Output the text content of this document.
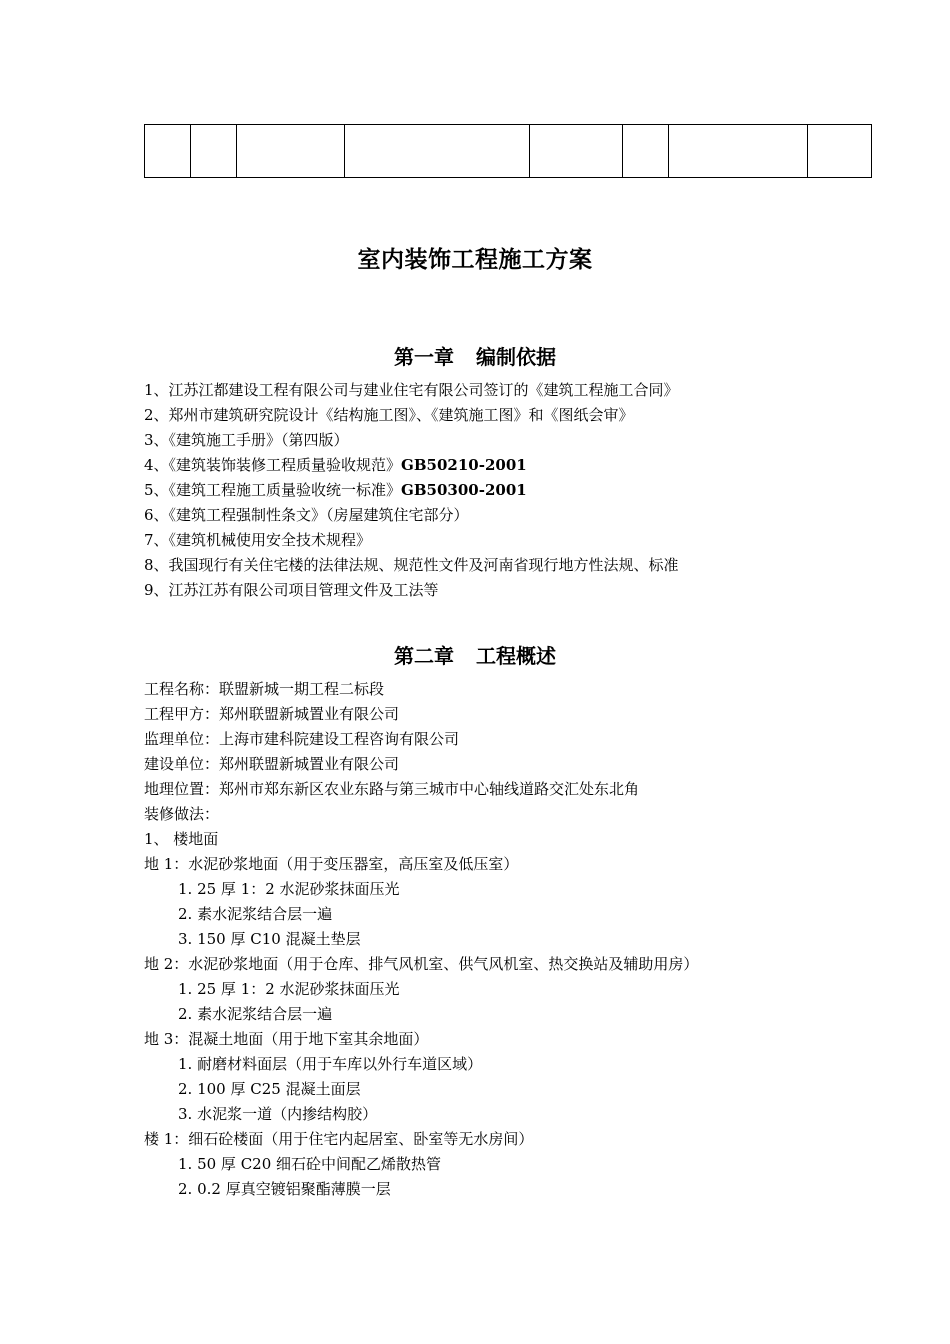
室内装饰工程施工方案
第一章 编制依据
1、江苏江都建设工程有限公司与建业住宅有限公司签订的《建筑工程施工合同》
2、郑州市建筑研究院设计《结构施工图》、《建筑施工图》和《图纸会审》
3、《建筑施工手册》（第四版）
4、《建筑装饰装修工程质量验收规范》GB50210-2001
5、《建筑工程施工质量验收统一标准》GB50300-2001
6、《建筑工程强制性条文》（房屋建筑住宅部分）
7、《建筑机械使用安全技术规程》
8、我国现行有关住宅楼的法律法规、规范性文件及河南省现行地方性法规、标准
9、江苏江苏有限公司项目管理文件及工法等
第二章 工程概述
工程名称：联盟新城一期工程二标段
工程甲方：郑州联盟新城置业有限公司
监理单位：上海市建科院建设工程咨询有限公司
建设单位：郑州联盟新城置业有限公司
地理位置：郑州市郑东新区农业东路与第三城市中心轴线道路交汇处东北角
装修做法：
1、 楼地面
地 1：水泥砂浆地面（用于变压器室，高压室及低压室）
1. 25 厚 1：2 水泥砂浆抹面压光
2. 素水泥浆结合层一遍
3. 150 厚 C10 混凝土垫层
地 2：水泥砂浆地面（用于仓库、排气风机室、供气风机室、热交换站及辅助用房）
1. 25 厚 1：2 水泥砂浆抹面压光
2. 素水泥浆结合层一遍
地 3：混凝土地面（用于地下室其余地面）
1. 耐磨材料面层（用于车库以外行车道区域）
2. 100 厚 C25 混凝土面层
3. 水泥浆一道（内掺结构胶）
楼 1：细石砼楼面（用于住宅内起居室、卧室等无水房间）
1. 50 厚 C20 细石砼中间配乙烯散热管
2. 0.2 厚真空镀铝聚酯薄膜一层
